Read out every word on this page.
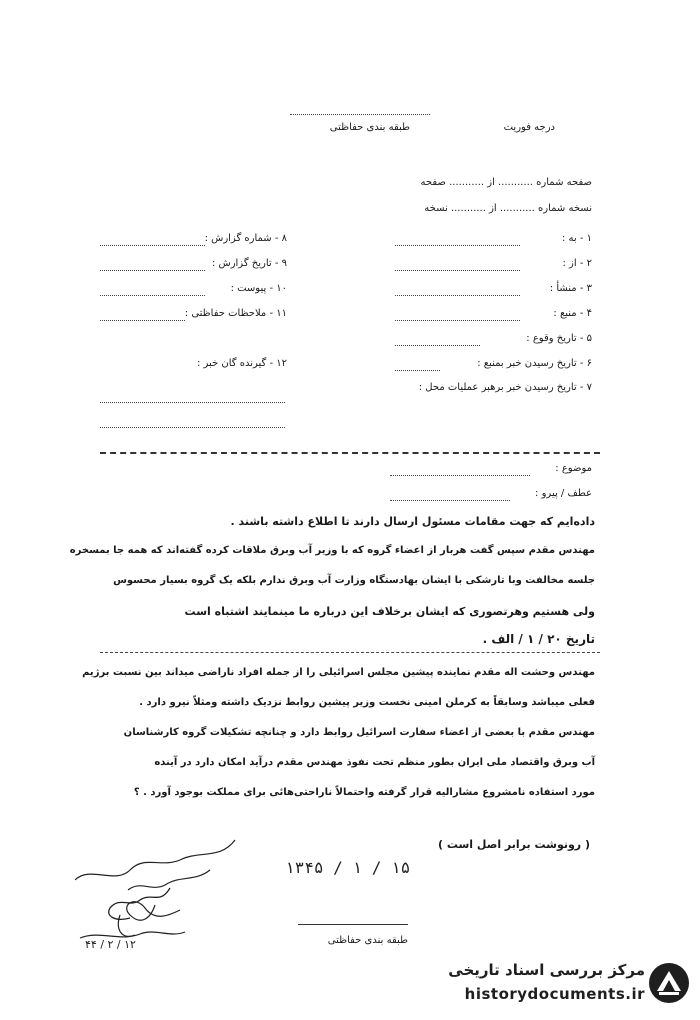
درجه فوریت
طبقه بندی حفاظتی
صفحه شماره ........... از ........... صفحه
نسخه شماره ........... از ........... نسخه
۱ - به :
۲ - از :
۳ - منشأ :
۴ - منبع :
۵ - تاریخ وقوع :
۶ - تاریخ رسیدن خبر بمنبع :
۷ - تاریخ رسیدن خبر برهبر عملیات محل :
۸ - شماره گزارش :
۹ - تاریخ گزارش :
۱۰ - پیوست :
۱۱ - ملاحظات حفاظتی :
۱۲ - گیرنده گان خبر :
موضوع :
عطف / پیرو :
داده‌ایم که جهت مقامات مسئول ارسال دارند تا اطلاع داشته باشند .
مهندس مقدم سپس گفت هربار از اعضاء گروه که با وزیر آب وبرق ملاقات کرده گفته‌اند که همه جا بمسخره
جلسه مخالفت وبا تارشکی با ایشان بهادستگاه وزارت آب وبرق ندارم بلکه یک گروه بسیار محسوس
ولی هستیم وهرتصوری که ایشان برخلاف این درباره ما مینمایند اشتباه است
تاریخ ۲۰ / ۱ / الف .
مهندس وحشت اله مقدم نماینده پیشین مجلس اسرائیلی را از جمله افراد ناراضی میداند بین نسبت برژیم
فعلی میباشد وسابقاً به کرملن امینی نخست وزیر پیشین روابط نزدیک داشته ومثلاً نیرو دارد .
مهندس مقدم با بعضی از اعضاء سفارت اسرائیل روابط دارد و چنانچه تشکیلات گروه کارشناسان
آب وبرق واقتصاد ملی ایران بطور منظم تحت نفوذ مهندس مقدم درآید امکان دارد در آینده
مورد استفاده نامشروع مشارالیه قرار گرفته واحتمالاً ناراحتی‌هائی برای مملکت بوجود آورد . ؟
( رونوشت برابر اصل است )
۱۳۴۵ / ۱ / ۱۵
۴۴ / ۲ / ۱۲	طبقه بندی حفاظتی
مرکز بررسی اسناد تاریخی
historydocuments.ir
